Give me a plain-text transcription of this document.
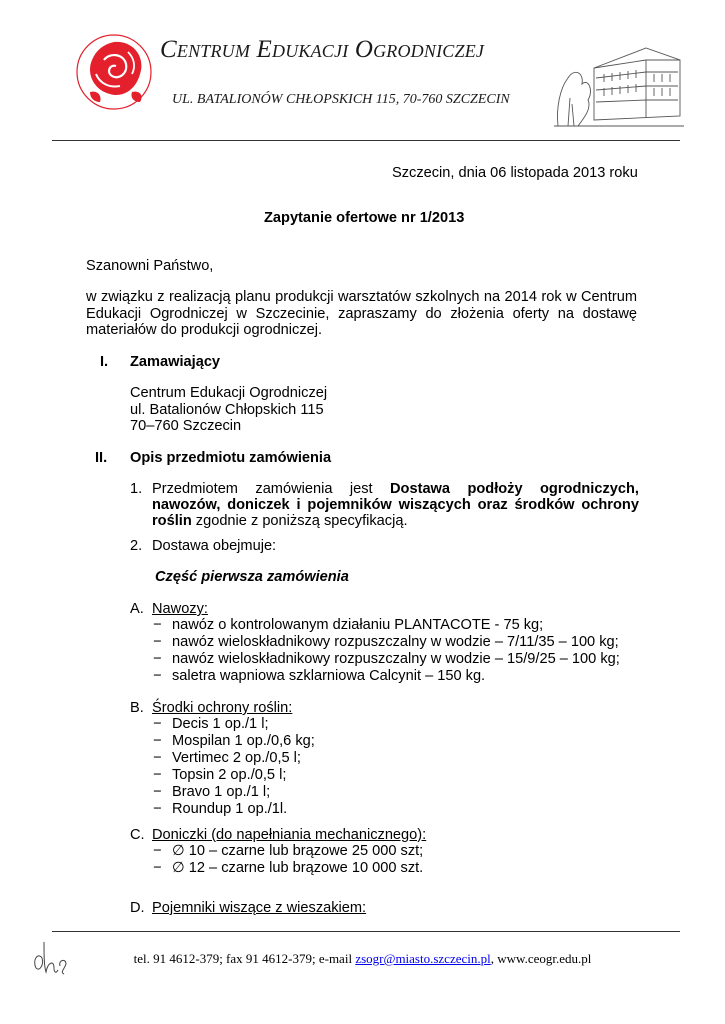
Centrum Edukacji Ogrodniczej
UL. BATALIONÓW CHŁOPSKICH 115, 70-760 SZCZECIN
Szczecin, dnia 06 listopada 2013 roku
Zapytanie ofertowe nr 1/2013
Szanowni Państwo,
w związku z realizacją planu produkcji warsztatów szkolnych na 2014 rok w Centrum
Edukacji Ogrodniczej w Szczecinie, zapraszamy do złożenia oferty na dostawę
materiałów do produkcji ogrodniczej.
I. Zamawiający
Centrum Edukacji Ogrodniczej
ul. Batalionów Chłopskich 115
70–760 Szczecin
II. Opis przedmiotu zamówienia
1. Przedmiotem zamówienia jest Dostawa podłoży ogrodniczych,
nawozów, doniczek i pojemników wiszących oraz środków ochrony
roślin zgodnie z poniższą specyfikacją.
2. Dostawa obejmuje:
Część pierwsza zamówienia
A. Nawozy:
− nawóz o kontrolowanym działaniu PLANTACOTE - 75 kg;
− nawóz wieloskładnikowy rozpuszczalny w wodzie – 7/11/35 – 100 kg;
− nawóz wieloskładnikowy rozpuszczalny w wodzie – 15/9/25 – 100 kg;
− saletra wapniowa szklarniowa Calcynit – 150 kg.
B. Środki ochrony roślin:
− Decis 1 op./1 l;
− Mospilan 1 op./0,6 kg;
− Vertimec 2 op./0,5 l;
− Topsin 2 op./0,5 l;
− Bravo 1 op./1 l;
− Roundup 1 op./1l.
C. Doniczki (do napełniania mechanicznego):
− ∅ 10 – czarne lub brązowe 25 000 szt;
− ∅ 12 – czarne lub brązowe 10 000 szt.
D. Pojemniki wiszące z wieszakiem:
tel. 91 4612-379; fax 91 4612-379; e-mail zsogr@miasto.szczecin.pl, www.ceogr.edu.pl
